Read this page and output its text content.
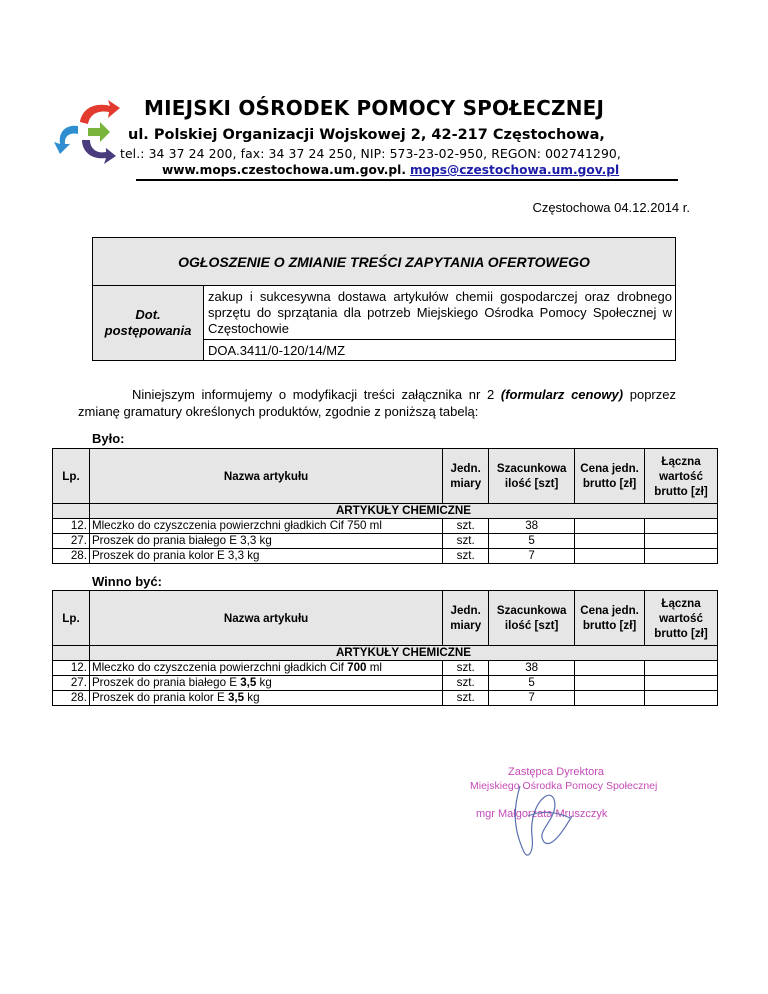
MIEJSKI OŚRODEK POMOCY SPOŁECZNEJ
ul. Polskiej Organizacji Wojskowej 2, 42-217 Częstochowa,
tel.: 34 37 24 200, fax: 34 37 24 250, NIP: 573-23-02-950, REGON: 002741290,
www.mops.czestochowa.um.gov.pl. mops@czestochowa.um.gov.pl
Częstochowa 04.12.2014 r.
OGŁOSZENIE O ZMIANIE TREŚCI ZAPYTANIA OFERTOWEGO
Dot.
postępowania	zakup i sukcesywna dostawa artykułów chemii gospodarczej oraz drobnego sprzętu do sprzątania dla potrzeb Miejskiego Ośrodka Pomocy Społecznej w Częstochowie
DOA.3411/0-120/14/MZ
Niniejszym informujemy o modyfikacji treści załącznika nr 2 (formularz cenowy) poprzez zmianę gramatury określonych produktów, zgodnie z poniższą tabelą:
Było:
Lp.	Nazwa artykułu	Jedn. miary	Szacunkowa ilość [szt]	Cena jedn. brutto [zł]	Łączna wartość brutto [zł]
	ARTYKUŁY CHEMICZNE				
12.	Mleczko do czyszczenia powierzchni gładkich Cif 750 ml	szt.	38		
27.	Proszek do prania białego E 3,3 kg	szt.	5		
28.	Proszek do prania kolor E 3,3 kg	szt.	7		
Winno być:
Lp.	Nazwa artykułu	Jedn. miary	Szacunkowa ilość [szt]	Cena jedn. brutto [zł]	Łączna wartość brutto [zł]
	ARTYKUŁY CHEMICZNE				
12.	Mleczko do czyszczenia powierzchni gładkich Cif 700 ml	szt.	38		
27.	Proszek do prania białego E 3,5 kg	szt.	5		
28.	Proszek do prania kolor E 3,5 kg	szt.	7		
Zastępca Dyrektora
Miejskiego Ośrodka Pomocy Społecznej
mgr Małgorzata Mruszczyk
